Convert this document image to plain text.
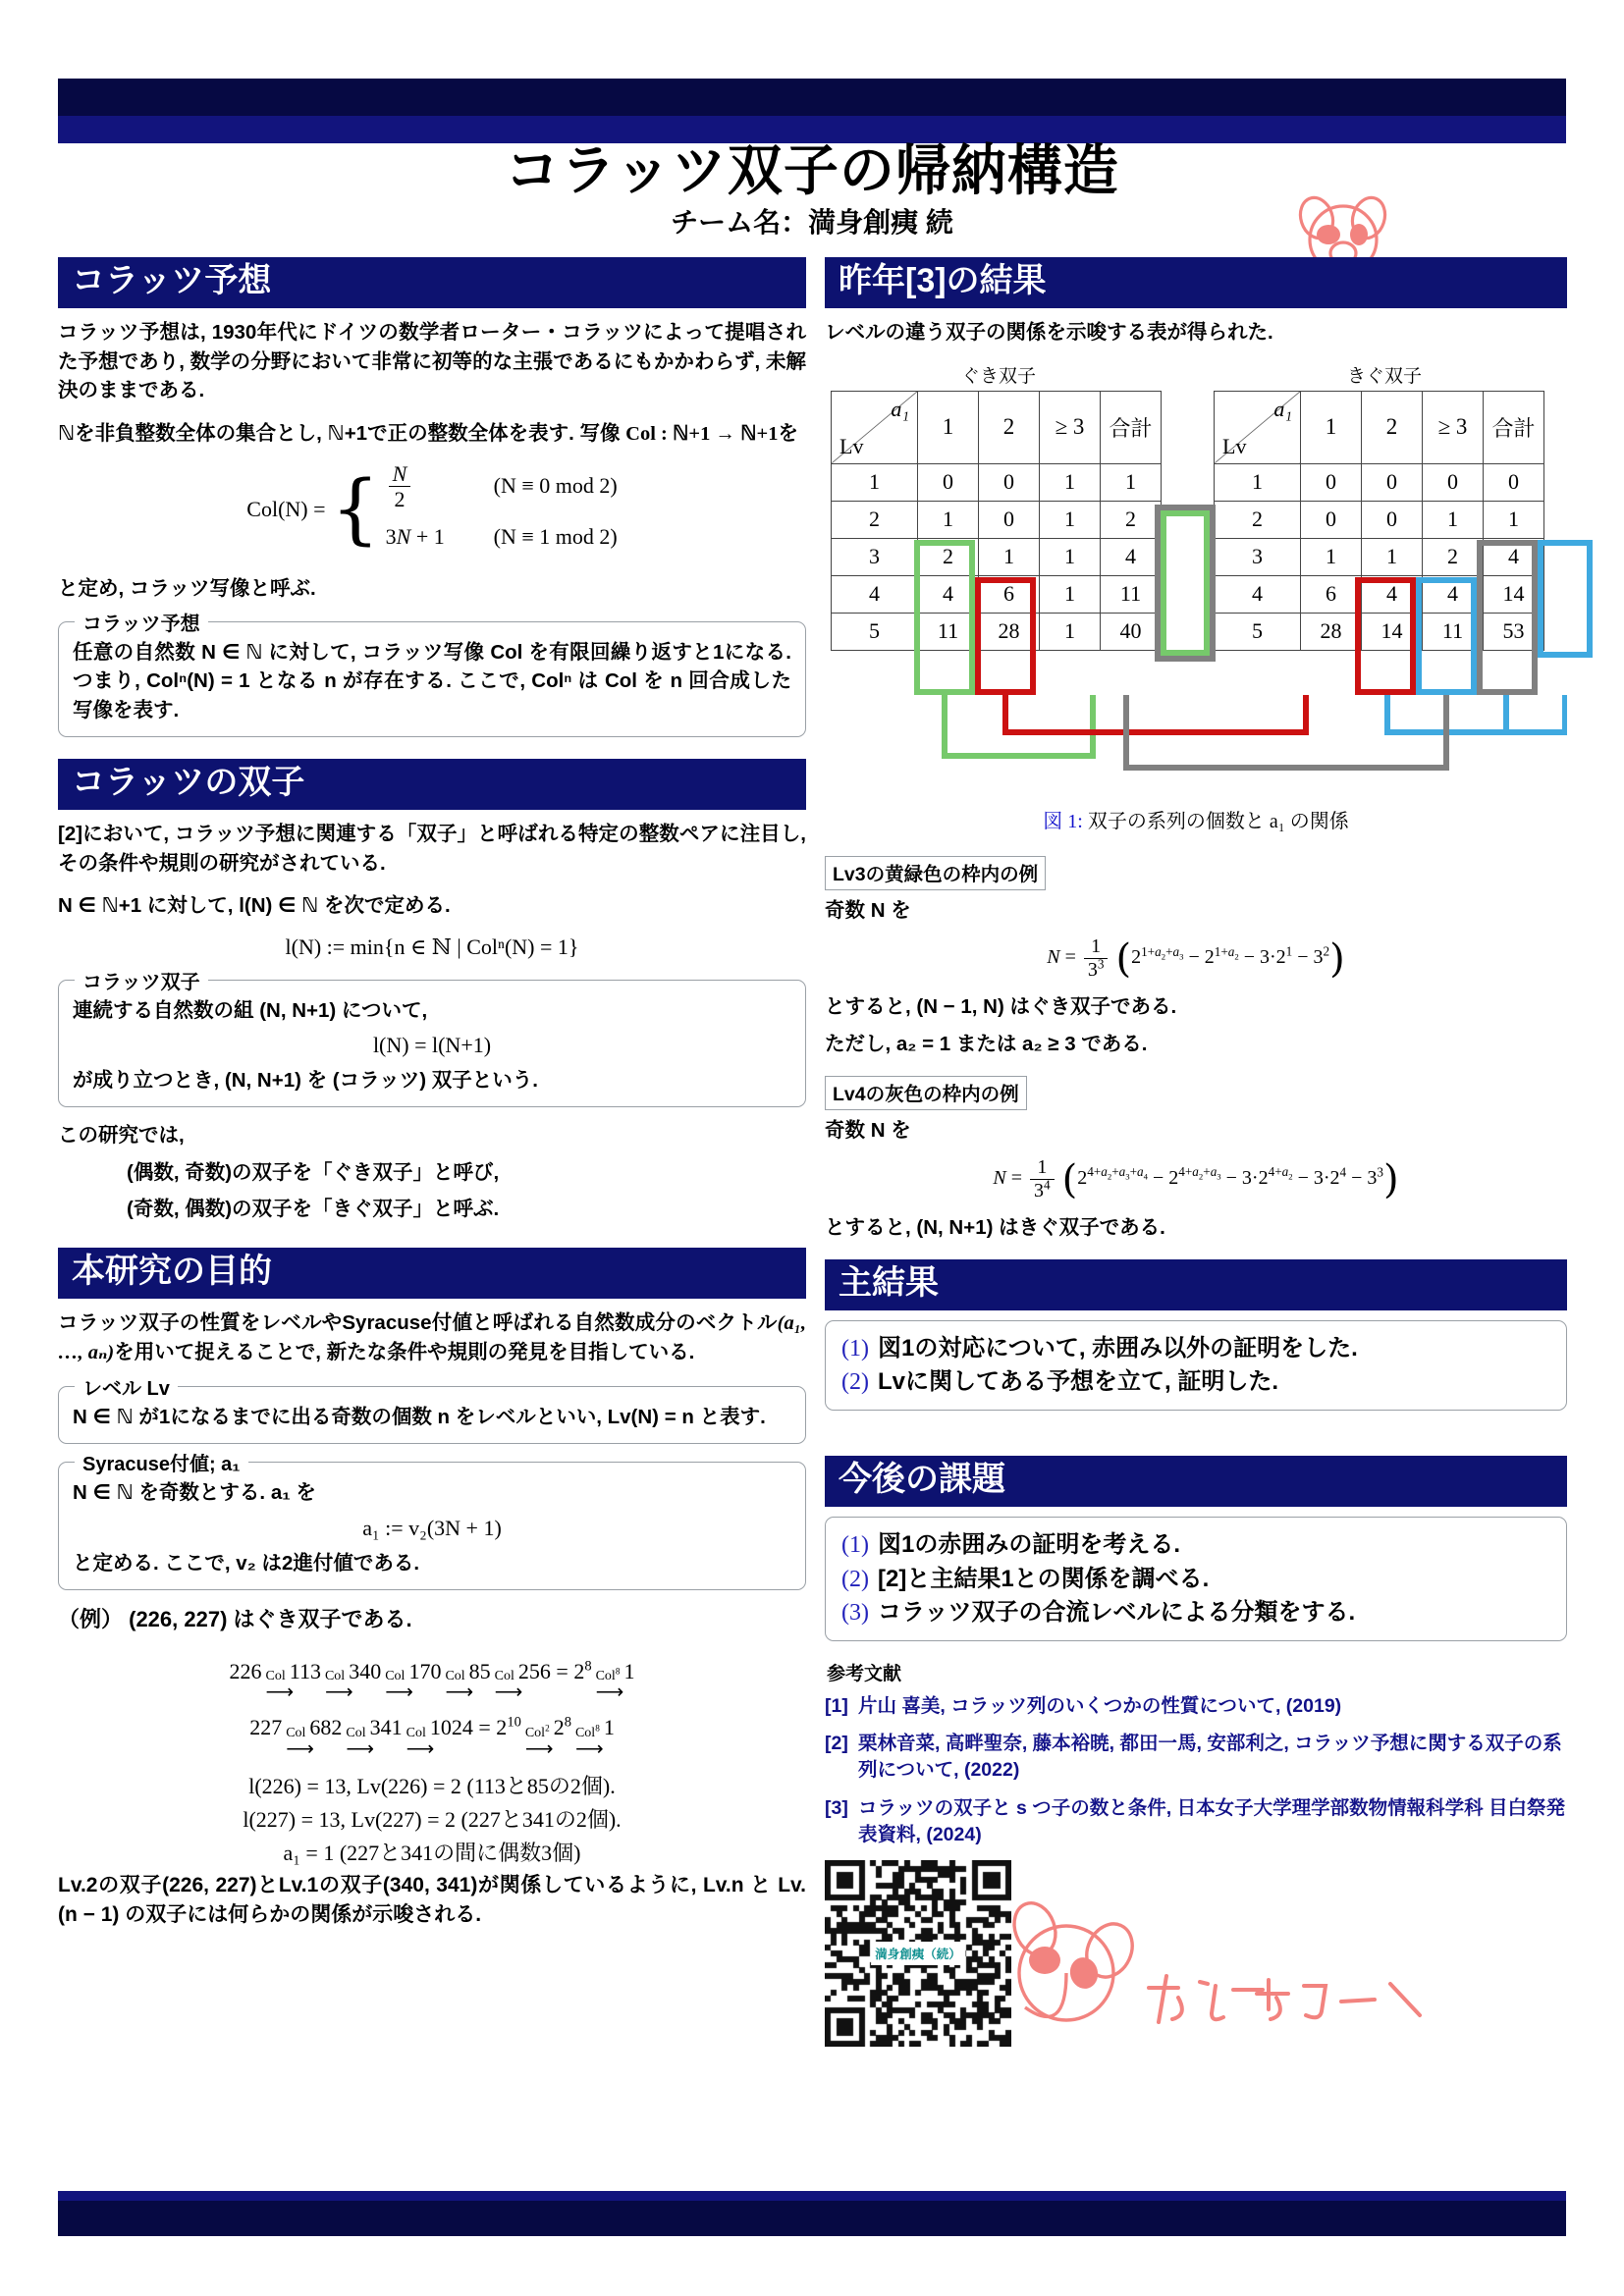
コラッツ双子の帰納構造
チーム名：満身創痍 続
コラッツ予想
コラッツ予想は, 1930年代にドイツの数学者ローター・コラッツによって提唱された予想であり, 数学の分野において非常に初等的な主張であるにもかかわらず, 未解決のままである.
ℕを非負整数全体の集合とし, ℕ+1で正の整数全体を表す. 写像 Col : ℕ+1 → ℕ+1を
Col(N) = { $\frac{N}{2}$	(N ≡ 0 mod 2)
3N + 1	(N ≡ 1 mod 2)
と定め, コラッツ写像と呼ぶ.
コラッツ予想
任意の自然数 N ∈ ℕ に対して, コラッツ写像 Col を有限回繰り返すと1になる. つまり, Colⁿ(N) = 1 となる n が存在する. ここで, Colⁿ は Col を n 回合成した写像を表す.
コラッツの双子
[2]において, コラッツ予想に関連する「双子」と呼ばれる特定の整数ペアに注目し, その条件や規則の研究がされている.
N ∈ ℕ+1 に対して, l(N) ∈ ℕ を次で定める.
l(N) := min{n ∈ ℕ | Colⁿ(N) = 1}
コラッツ双子
連続する自然数の組 (N, N+1) について,
l(N) = l(N+1)
が成り立つとき, (N, N+1) を (コラッツ) 双子という.
この研究では,
(偶数, 奇数)の双子を「ぐき双子」と呼び,
(奇数, 偶数)の双子を「きぐ双子」と呼ぶ.
本研究の目的
コラッツ双子の性質をレベルやSyracuse付値と呼ばれる自然数成分のベクトル(a₁, …, aₙ)を用いて捉えることで, 新たな条件や規則の発見を目指している.
レベル Lv
N ∈ ℕ が1になるまでに出る奇数の個数 n をレベルといい, Lv(N) = n と表す.
Syracuse付値; a₁
N ∈ ℕ を奇数とする. a₁ を
a₁ := v₂(3N + 1)
と定める. ここで, v₂ は2進付値である.
（例） (226, 227) はぐき双子である.
226 Col
⟶
113 Col
⟶
340 Col
⟶
170 Col
⟶
85 Col
⟶
$256 = 2^8$
Col$^8$
⟶
1
227 Col
⟶
682 Col
⟶
341 Col
⟶
$1024 = 2^{10}$
Col$^2$
⟶
$2^8$
Col$^8$
⟶
1
l(226) = 13, Lv(226) = 2 (113と85の2個).
l(227) = 13, Lv(227) = 2 (227と341の2個).
a₁ = 1 (227と341の間に偶数3個)
Lv.2の双子(226, 227)とLv.1の双子(340, 341)が関係しているように, Lv.n と Lv.(n − 1) の双子には何らかの関係が示唆される.
昨年[3]の結果
レベルの違う双子の関係を示唆する表が得られた.
ぐき双子	きぐ双子
a₁
Lv	1	2	≥ 3	合計
1	0	0	1	1
2	1	0	1	2
3	2	1	1	4
4	4	6	1	11
5	11	28	1	40
a₁
Lv	1	2	≥ 3	合計
1	0	0	0	0
2	0	0	1	1
3	1	1	2	4
4	6	4	4	14
5	28	14	11	53
図 1: 双子の系列の個数と a₁ の関係
Lv3の黄緑色の枠内の例
奇数 N を
$N = \frac{1}{3^3} (2^{1+a_2+a_3} - 2^{1+a_2} - 3\cdot 2^1 - 3^2)$
とすると, (N − 1, N) はぐき双子である.
ただし, a₂ = 1 または a₂ ≥ 3 である.
Lv4の灰色の枠内の例
奇数 N を
$N = \frac{1}{3^4} (2^{4+a_2+a_3+a_4} - 2^{4+a_2+a_3} - 3\cdot 2^{4+a_2} - 3\cdot 2^4 - 3^3)$
とすると, (N, N+1) はきぐ双子である.
主結果
(1) 図1の対応について, 赤囲み以外の証明をした.
(2) Lvに関してある予想を立て, 証明した.
今後の課題
(1) 図1の赤囲みの証明を考える.
(2) [2]と主結果1との関係を調べる.
(3) コラッツ双子の合流レベルによる分類をする.
参考文献
[1] 片山 喜美, コラッツ列のいくつかの性質について, (2019)
[2] 栗林音菜, 高畔聖奈, 藤本裕暁, 都田一馬, 安部利之, コラッツ予想に関する双子の系列について, (2022)
[3] コラッツの双子と s つ子の数と条件, 日本女子大学理学部数物情報科学科 目白祭発表資料, (2024)
満身創痍（続）
